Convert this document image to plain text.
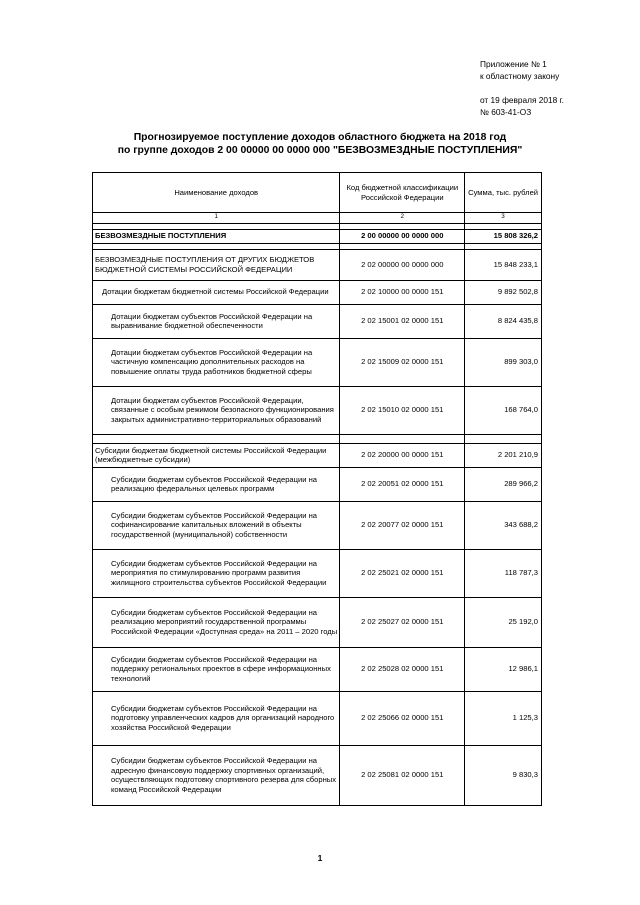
Приложение № 1
к областному закону
от 19 февраля 2018 г.
№ 603-41-ОЗ
Прогнозируемое поступление доходов областного бюджета на 2018 год
по группе доходов 2 00 00000 00 0000 000 "БЕЗВОЗМЕЗДНЫЕ ПОСТУПЛЕНИЯ"
Наименование доходов	Код бюджетной классификации Российской Федерации	Сумма, тыс. рублей
1	2	3

БЕЗВОЗМЕЗДНЫЕ ПОСТУПЛЕНИЯ	2 00 00000 00 0000 000	15 808 326,2

БЕЗВОЗМЕЗДНЫЕ ПОСТУПЛЕНИЯ ОТ ДРУГИХ БЮДЖЕТОВ БЮДЖЕТНОЙ СИСТЕМЫ РОССИЙСКОЙ ФЕДЕРАЦИИ	2 02 00000 00 0000 000	15 848 233,1
Дотации бюджетам бюджетной системы Российской Федерации	2 02 10000 00 0000 151	9 892 502,8
Дотации бюджетам субъектов Российской Федерации на выравнивание бюджетной обеспеченности	2 02 15001 02 0000 151	8 824 435,8
Дотации бюджетам субъектов Российской Федерации на частичную компенсацию дополнительных расходов на повышение оплаты труда работников бюджетной сферы	2 02 15009 02 0000 151	899 303,0
Дотации бюджетам субъектов Российской Федерации, связанные с особым режимом безопасного функционирования закрытых административно-территориальных образований	2 02 15010 02 0000 151	168 764,0

Субсидии бюджетам бюджетной системы Российской Федерации (межбюджетные субсидии)	2 02 20000 00 0000 151	2 201 210,9
Субсидии бюджетам субъектов Российской Федерации на реализацию федеральных целевых программ	2 02 20051 02 0000 151	289 966,2
Субсидии бюджетам субъектов Российской Федерации на софинансирование капитальных вложений в объекты государственной (муниципальной) собственности	2 02 20077 02 0000 151	343 688,2
Субсидии бюджетам субъектов Российской Федерации на мероприятия по стимулированию программ развития жилищного строительства субъектов Российской Федерации	2 02 25021 02 0000 151	118 787,3
Субсидии бюджетам субъектов Российской Федерации на реализацию мероприятий государственной программы Российской Федерации «Доступная среда» на 2011 – 2020 годы	2 02 25027 02 0000 151	25 192,0
Субсидии бюджетам субъектов Российской Федерации на поддержку региональных проектов в сфере информационных технологий	2 02 25028 02 0000 151	12 986,1
Субсидии бюджетам субъектов Российской Федерации на подготовку управленческих кадров для организаций народного хозяйства Российской Федерации	2 02 25066 02 0000 151	1 125,3
Субсидии бюджетам субъектов Российской Федерации на адресную финансовую поддержку спортивных организаций, осуществляющих подготовку спортивного резерва для сборных команд Российской Федерации	2 02 25081 02 0000 151	9 830,3
1
